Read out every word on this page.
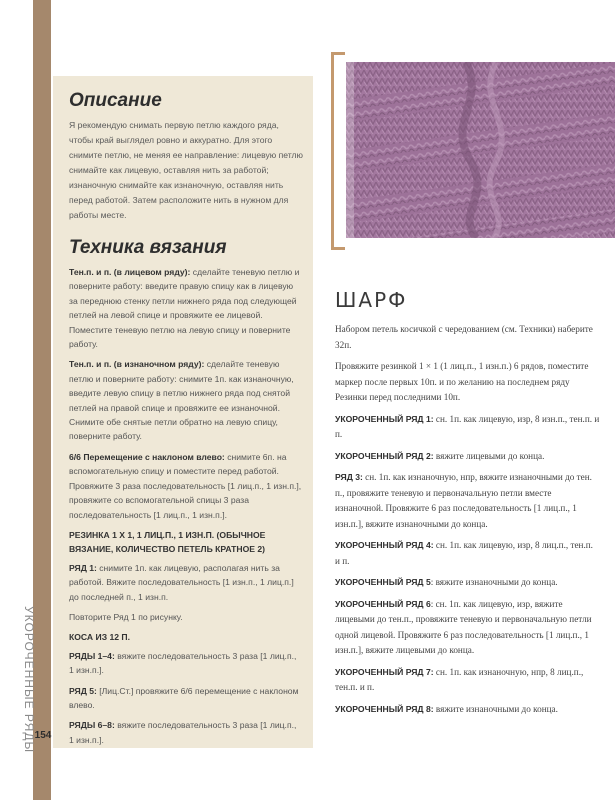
УКОРОЧЕННЫЕ РЯДЫ
154
Описание

Я рекомендую снимать первую петлю каждого ряда, чтобы край выглядел ровно и аккуратно. Для этого снимите петлю, не меняя ее направление: лицевую петлю снимайте как лицевую, оставляя нить за работой; изнаночную снимайте как изнаночную, оставляя нить перед работой. Затем расположите нить в нужном для работы месте.

Техника вязания

Тен.п. и п. (в лицевом ряду): сделайте теневую петлю и поверните работу: введите правую спицу как в лицевую за переднюю стенку петли нижнего ряда под следующей петлей на левой спице и провяжите ее лицевой. Поместите теневую петлю на левую спицу и поверните работу.

Тен.п. и п. (в изнаночном ряду): сделайте теневую петлю и поверните работу: снимите 1п. как изнаночную, введите левую спицу в петлю нижнего ряда под снятой петлей на правой спице и провяжите ее изнаночной. Снимите обе снятые петли обратно на левую спицу, поверните работу.

6/6 Перемещение с наклоном влево: снимите 6п. на вспомогательную спицу и поместите перед работой. Провяжите 3 раза последовательность [1 лиц.п., 1 изн.п.], провяжите со вспомогательной спицы 3 раза последовательность [1 лиц.п., 1 изн.п.].

РЕЗИНКА 1 Х 1, 1 ЛИЦ.П., 1 ИЗН.П. (ОБЫЧНОЕ ВЯЗАНИЕ, КОЛИЧЕСТВО ПЕТЕЛЬ КРАТНОЕ 2)

РЯД 1: снимите 1п. как лицевую, располагая нить за работой. Вяжите последовательность [1 изн.п., 1 лиц.п.] до последней п., 1 изн.п.

Повторите Ряд 1 по рисунку.

КОСА ИЗ 12 П.

РЯДЫ 1–4: вяжите последовательность 3 раза [1 лиц.п., 1 изн.п.].

РЯД 5: [Лиц.Ст.] провяжите 6/6 перемещение с наклоном влево.

РЯДЫ 6–8: вяжите последовательность 3 раза [1 лиц.п., 1 изн.п.].

ШАРФ

Набором петель косичкой с чередованием (см. Техники) наберите 32п.

Провяжите резинкой 1 × 1 (1 лиц.п., 1 изн.п.) 6 рядов, поместите маркер после первых 10п. и по желанию на последнем ряду Резинки перед последними 10п.

УКОРОЧЕННЫЙ РЯД 1: сн. 1п. как лицевую, изр, 8 изн.п., тен.п. и п.

УКОРОЧЕННЫЙ РЯД 2: вяжите лицевыми до конца.

РЯД 3: сн. 1п. как изнаночную, нпр, вяжите изнаночными до тен. п., провяжите теневую и первоначальную петли вместе изнаночной. Провяжите 6 раз последовательность [1 лиц.п., 1 изн.п.], вяжите изнаночными до конца.

УКОРОЧЕННЫЙ РЯД 4: сн. 1п. как лицевую, изр, 8 лиц.п., тен.п. и п.

УКОРОЧЕННЫЙ РЯД 5: вяжите изнаночными до конца.

УКОРОЧЕННЫЙ РЯД 6: сн. 1п. как лицевую, изр, вяжите лицевыми до тен.п., провяжите теневую и первоначальную петли одной лицевой. Провяжите 6 раз последовательность [1 лиц.п., 1 изн.п.], вяжите лицевыми до конца.

УКОРОЧЕННЫЙ РЯД 7: сн. 1п. как изнаночную, нпр, 8 лиц.п., тен.п. и п.

УКОРОЧЕННЫЙ РЯД 8: вяжите изнаночными до конца.
